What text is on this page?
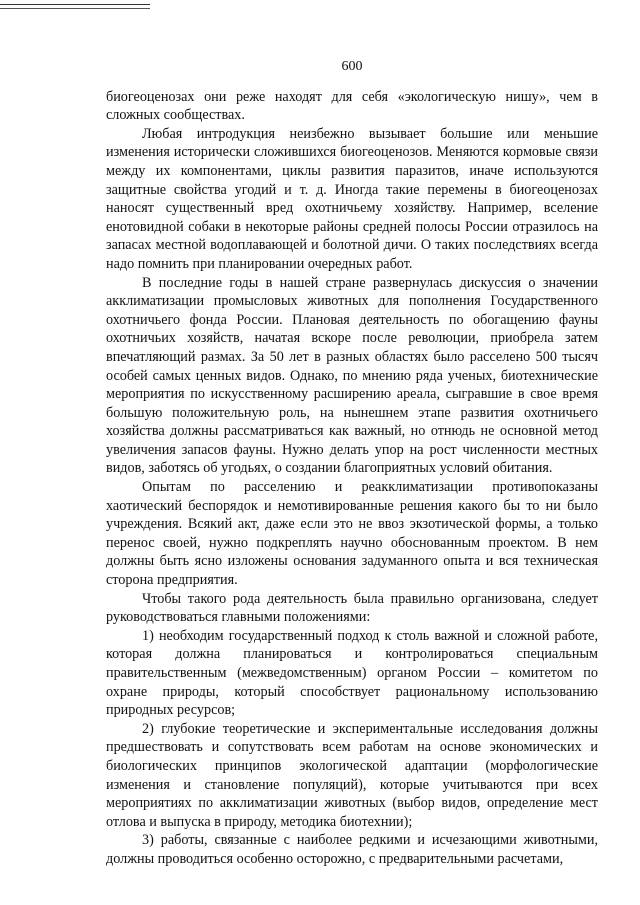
600

биогеоценозах они реже находят для себя «экологическую нишу», чем в сложных сообществах.

Любая интродукция неизбежно вызывает большие или меньшие изменения исторически сложившихся биогеоценозов. Меняются кормовые связи между их компонентами, циклы развития паразитов, иначе используются защитные свойства угодий и т. д. Иногда такие перемены в биогеоценозах наносят существенный вред охотничьему хозяйству. Например, вселение енотовидной собаки в некоторые районы средней полосы России отразилось на запасах местной водоплавающей и болотной дичи. О таких последствиях всегда надо помнить при планировании очередных работ.

В последние годы в нашей стране развернулась дискуссия о значении акклиматизации промысловых животных для пополнения Государственного охотничьего фонда России. Плановая деятельность по обогащению фауны охотничьих хозяйств, начатая вскоре после революции, приобрела затем впечатляющий размах. За 50 лет в разных областях было расселено 500 тысяч особей самых ценных видов. Однако, по мнению ряда ученых, биотехнические мероприятия по искусственному расширению ареала, сыгравшие в свое время большую положительную роль, на нынешнем этапе развития охотничьего хозяйства должны рассматриваться как важный, но отнюдь не основной метод увеличения запасов фауны. Нужно делать упор на рост численности местных видов, заботясь об угодьях, о создании благоприятных условий обитания.

Опытам по расселению и реакклиматизации противопоказаны хаотический беспорядок и немотивированные решения какого бы то ни было учреждения. Всякий акт, даже если это не ввоз экзотической формы, а только перенос своей, нужно подкреплять научно обоснованным проектом. В нем должны быть ясно изложены основания задуманного опыта и вся техническая сторона предприятия.

Чтобы такого рода деятельность была правильно организована, следует руководствоваться главными положениями:

1) необходим государственный подход к столь важной и сложной работе, которая должна планироваться и контролироваться специальным правительственным (межведомственным) органом России – комитетом по охране природы, который способствует рациональному использованию природных ресурсов;

2) глубокие теоретические и экспериментальные исследования должны предшествовать и сопутствовать всем работам на основе экономических и биологических принципов экологической адаптации (морфологические изменения и становление популяций), которые учитываются при всех мероприятиях по акклиматизации животных (выбор видов, определение мест отлова и выпуска в природу, методика биотехнии);

3) работы, связанные с наиболее редкими и исчезающими животными, должны проводиться особенно осторожно, с предварительными расчетами,
